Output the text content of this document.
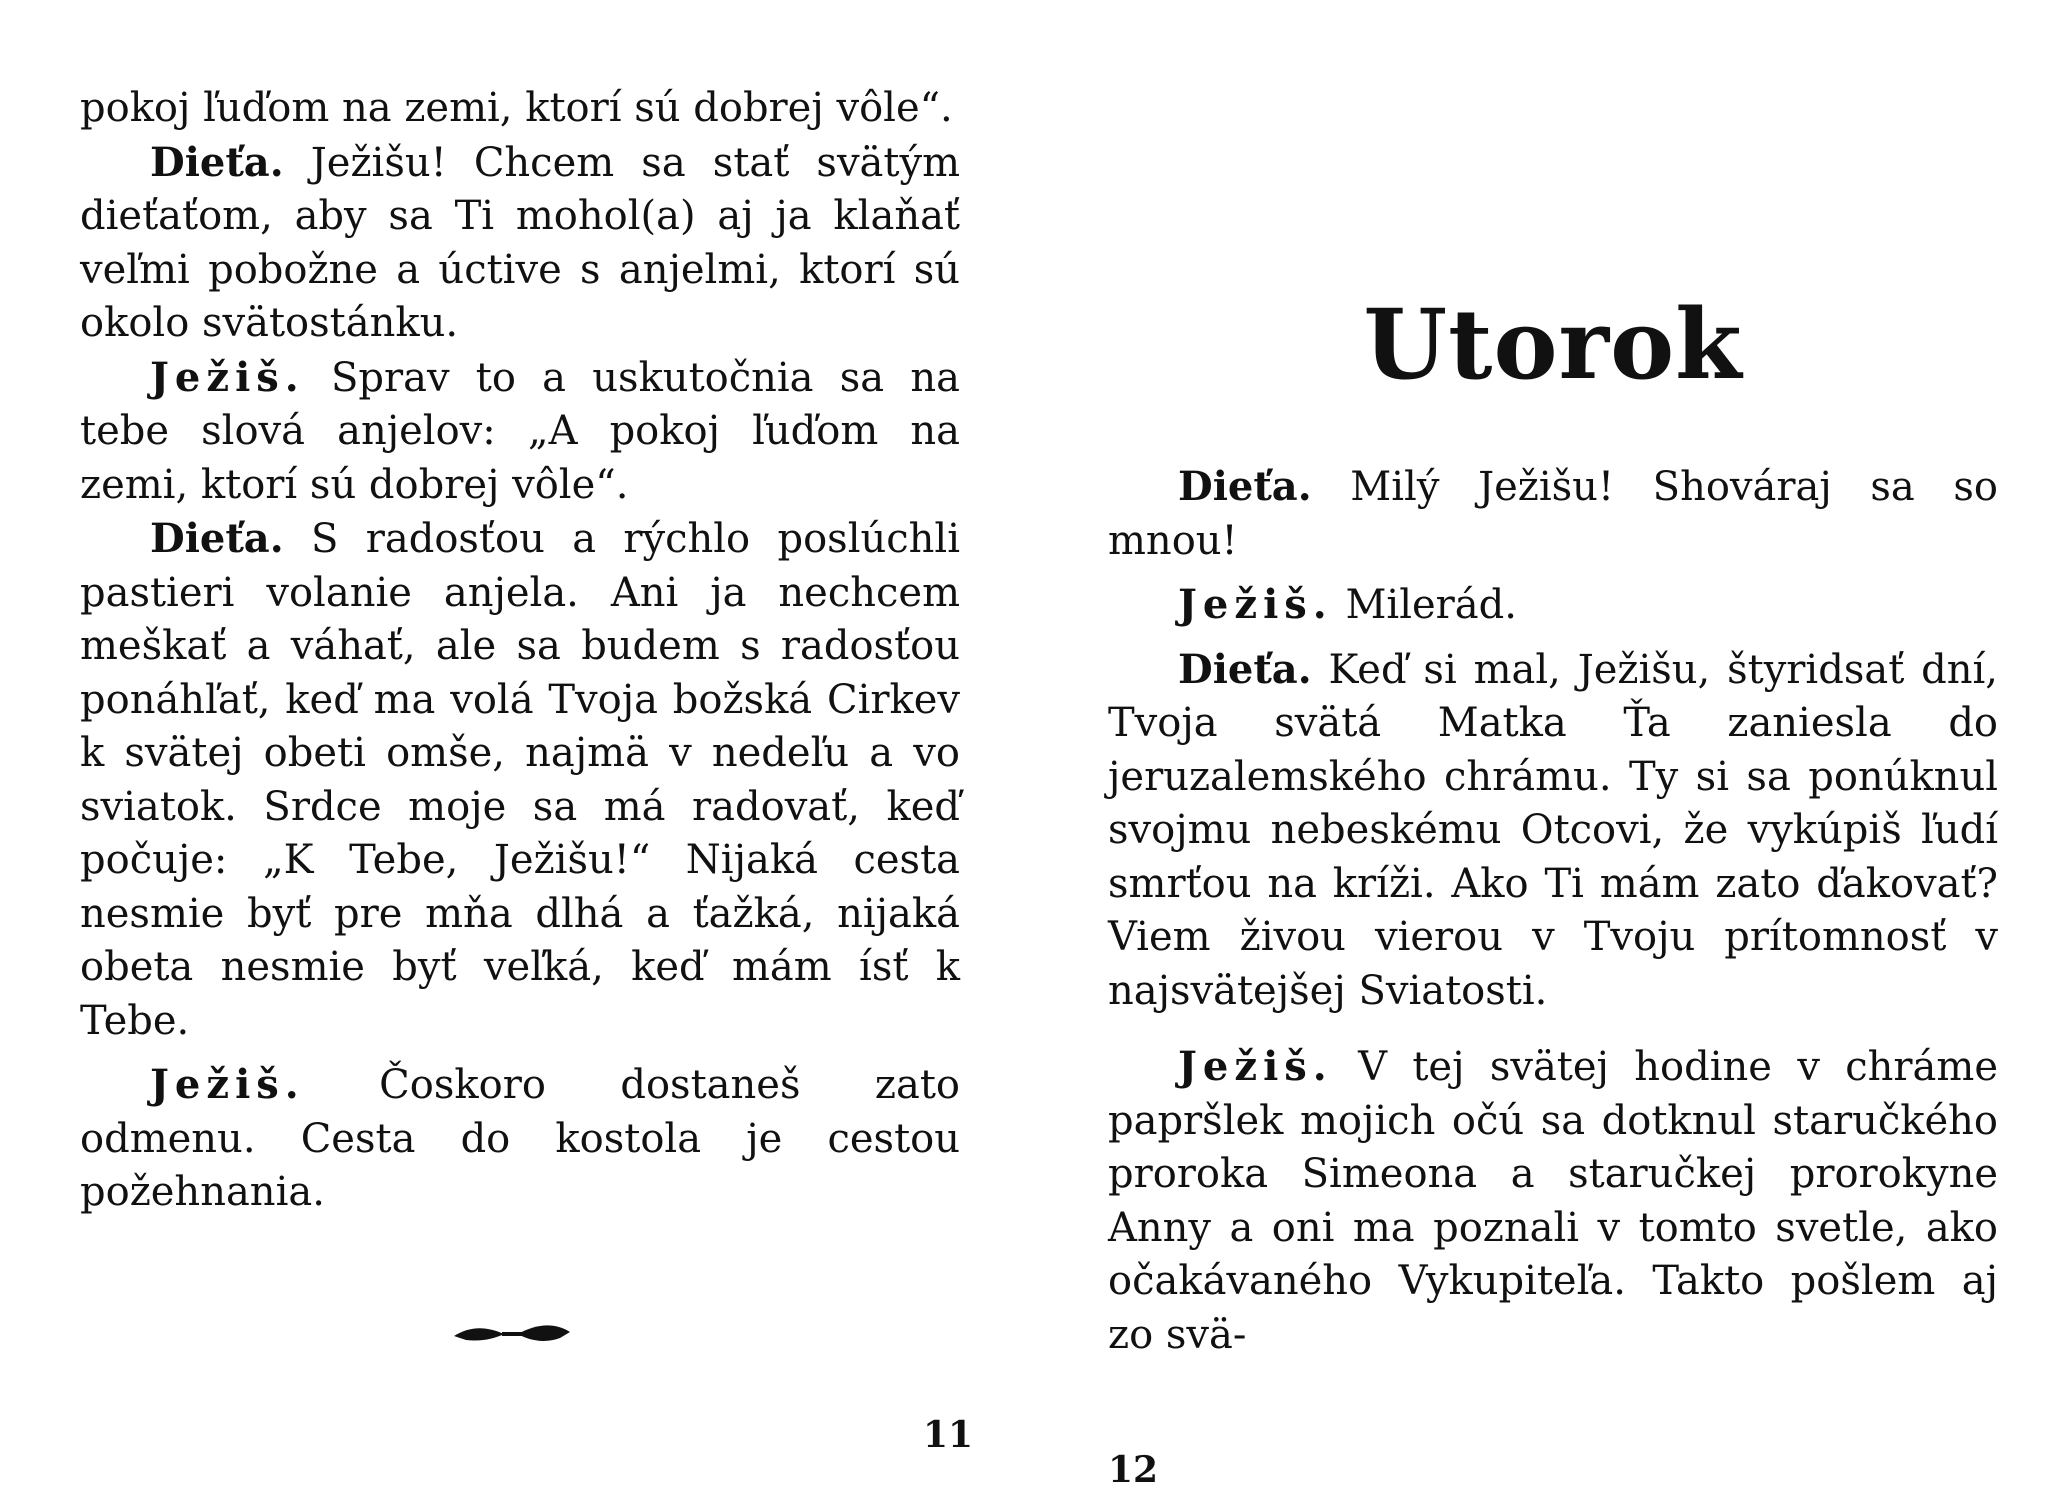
pokoj ľuďom na zemi, ktorí sú dobrej vôle“.

Dieťa. Ježišu! Chcem sa stať svätým dieťaťom, aby sa Ti mohol(a) aj ja klaňať veľmi pobožne a úctive s anjelmi, ktorí sú okolo svätostánku.

Ježiš. Sprav to a uskutočnia sa na tebe slová anjelov: „A pokoj ľuďom na zemi, ktorí sú dobrej vôle“.

Dieťa. S radosťou a rýchlo poslúchli pastieri volanie anjela. Ani ja nechcem meškať a váhať, ale sa budem s radosťou ponáhľať, keď ma volá Tvoja božská Cirkev k svätej obeti omše, najmä v nedeľu a vo sviatok. Srdce moje sa má radovať, keď počuje: „K Tebe, Ježišu!“ Nijaká cesta nesmie byť pre mňa dlhá a ťažká, nijaká obeta nesmie byť veľká, keď mám ísť k Tebe.

Ježiš. Čoskoro dostaneš zato odmenu. Cesta do kostola je cestou požehnania.

11
Utorok

Dieťa. Milý Ježišu! Shováraj sa so mnou!

Ježiš. Milerád.

Dieťa. Keď si mal, Ježišu, štyridsať dní, Tvoja svätá Matka Ťa zaniesla do jeruzalemského chrámu. Ty si sa ponúknul svojmu nebeskému Otcovi, že vykúpiš ľudí smrťou na kríži. Ako Ti mám zato ďakovať? Viem živou vierou v Tvoju prítomnosť v najsvätejšej Sviatosti.

Ježiš. V tej svätej hodine v chráme papršlek mojich očú sa dotknul staručkého proroka Simeona a staručkej prorokyne Anny a oni ma poznali v tomto svetle, ako očakávaného Vykupiteľa. Takto pošlem aj zo svä-

12
